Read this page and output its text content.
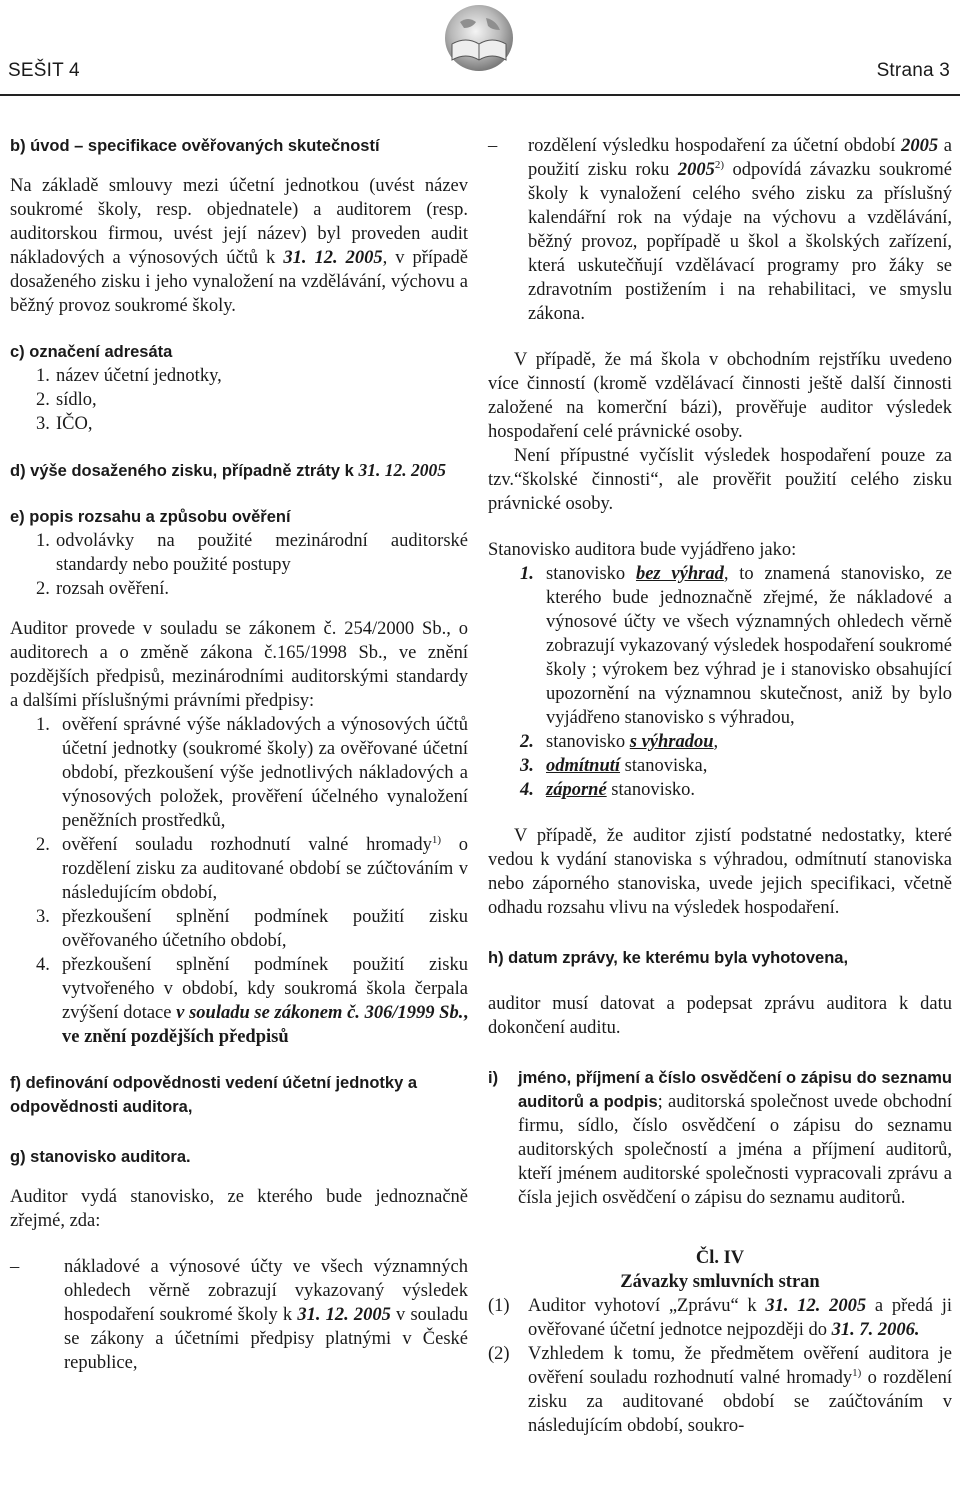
SEŠIT 4	Strana 3
b) úvod – specifikace ověřovaných skutečností

Na základě smlouvy mezi účetní jednotkou (uvést název soukromé školy, resp. objednatele) a auditorem (resp. auditorskou firmou, uvést její název) byl proveden audit nákladových a výnosových účtů k 31. 12. 2005, v případě dosaženého zisku i jeho vynaložení na vzdělávání, výchovu a běžný provoz soukromé školy.

c) označení adresáta
1. název účetní jednotky,
2. sídlo,
3. IČO,
d) výše dosaženého zisku, případně ztráty k 31. 12. 2005
e) popis rozsahu a způsobu ověření
1. odvolávky na použité mezinárodní auditorské standardy nebo použité postupy
2. rozsah ověření.

Auditor provede v souladu se zákonem č. 254/2000 Sb., o auditorech a o změně zákona č.165/1998 Sb., ve znění pozdějších předpisů, mezinárodními auditorskými standardy a dalšími příslušnými právními předpisy:

1. ověření správné výše nákladových a výnosových účtů účetní jednotky (soukromé školy) za ověřované účetní období, přezkoušení výše jednotlivých nákladových a výnosových položek, prověření účelného vynaložení peněžních prostředků,
2. ověření souladu rozhodnutí valné hromady$^{1)}$ o rozdělení zisku za auditované období se zúčtováním v následujícím období,
3. přezkoušení splnění podmínek použití zisku ověřovaného účetního období,
4. přezkoušení splnění podmínek použití zisku vytvořeného v období, kdy soukromá škola čerpala zvýšení dotace v souladu se zákonem č. 306/1999 Sb., ve znění pozdějších předpisů
f) definování odpovědnosti vedení účetní jednotky a odpovědnosti auditora,
g) stanovisko auditora.

Auditor vydá stanovisko, ze kterého bude jednoznačně zřejmé, zda:

– nákladové a výnosové účty ve všech významných ohledech věrně zobrazují vykazovaný výsledek hospodaření soukromé školy k 31. 12. 2005 v souladu se zákony a účetními předpisy platnými v České republice,
– rozdělení výsledku hospodaření za účetní období 2005 a použití zisku roku 2005$^{2)}$ odpovídá závazku soukromé školy k vynaložení celého svého zisku za příslušný kalendářní rok na výdaje na výchovu a vzdělávání, běžný provoz, popřípadě u škol a školských zařízení, která uskutečňují vzdělávací programy pro žáky se zdravotním postižením i na rehabilitaci, ve smyslu zákona.

V případě, že má škola v obchodním rejstříku uvedeno více činností (kromě vzdělávací činnosti ještě další činnosti založené na komerční bázi), prověřuje auditor výsledek hospodaření celé právnické osoby.

Není přípustné vyčíslit výsledek hospodaření pouze za tzv.“školské činnosti“, ale prověřit použití celého zisku právnické osoby.

Stanovisko auditora bude vyjádřeno jako:

1. stanovisko bez výhrad, to znamená stanovisko, ze kterého bude jednoznačně zřejmé, že nákladové a výnosové účty ve všech významných ohledech věrně zobrazují vykazovaný výsledek hospodaření soukromé školy ; výrokem bez výhrad je i stanovisko obsahující upozornění na významnou skutečnost, aniž by bylo vyjádřeno stanovisko s výhradou,
2. stanovisko s výhradou,
3. odmítnutí stanoviska,
4. záporné stanovisko.

V případě, že auditor zjistí podstatné nedostatky, které vedou k vydání stanoviska s výhradou, odmítnutí stanoviska nebo záporného stanoviska, uvede jejich specifikaci, včetně odhadu rozsahu vlivu na výsledek hospodaření.

h) datum zprávy, ke kterému byla vyhotovena,

auditor musí datovat a podepsat zprávu auditora k datu dokončení auditu.

i) jméno, příjmení a číslo osvědčení o zápisu do seznamu auditorů a podpis; auditorská společnost uvede obchodní firmu, sídlo, číslo osvědčení o zápisu do seznamu auditorských společností a jména a příjmení auditorů, kteří jménem auditorské společnosti vypracovali zprávu a čísla jejich osvědčení o zápisu do seznamu auditorů.
Čl. IV
Závazky smluvních stran
(1) Auditor vyhotoví „Zprávu“ k 31. 12. 2005 a předá ji ověřované účetní jednotce nejpozději do 31. 7. 2006.
(2) Vzhledem k tomu, že předmětem ověření auditora je ověření souladu rozhodnutí valné hromady$^{1)}$ o rozdělení zisku za auditované období se zaúčtováním v následujícím období, soukro-
